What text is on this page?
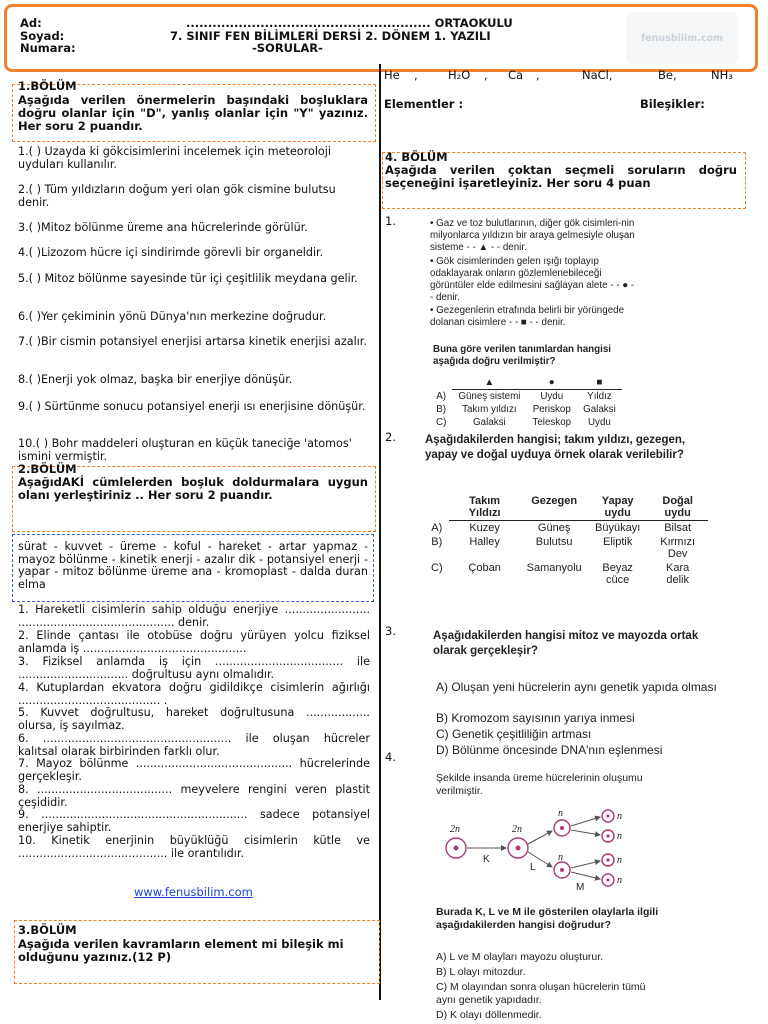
Ad:
Soyad:
Numara:
........................................................ ORTAOKULU
7. SINIF FEN BİLİMLERİ DERSİ 2. DÖNEM 1. YAZILI
-SORULAR-
fenusbilim.com
1.BÖLÜM
Aşağıda verilen önermelerin başındaki boşluklara doğru olanlar için "D", yanlış olanlar için "Y" yazınız. Her soru 2 puandır.
1.( ) Uzayda ki gökcisimlerini incelemek için meteoroloji uyduları kullanılır.
2.( ) Tüm yıldızların doğum yeri olan gök cismine bulutsu denir.
3.( )Mitoz bölünme üreme ana hücrelerinde görülür.
4.( )Lizozom hücre içi sindirimde görevli bir organeldir.
5.( ) Mitoz bölünme sayesinde tür içi çeşitlilik meydana gelir.
6.( )Yer çekiminin yönü Dünya'nın merkezine doğrudur.
7.( )Bir cismin potansiyel enerjisi artarsa kinetik enerjisi azalır.
8.( )Enerji yok olmaz, başka bir enerjiye dönüşür.
9.( ) Sürtünme sonucu potansiyel enerji ısı enerjisine dönüşür.
10.( ) Bohr maddeleri oluşturan en küçük taneciğe 'atomos' ismini vermiştir.
2.BÖLÜM
AşağıdAKİ cümlelerden boşluk doldurmalara uygun olanı yerleştiriniz .. Her soru 2 puandır.
sürat - kuvvet - üreme - koful - hareket - artar yapmaz - mayoz bölünme - kinetik enerji - azalır dik - potansiyel enerji - yapar - mitoz bölünme üreme ana - kromoplast - dalda duran elma
1. Hareketli cisimlerin sahip olduğu enerjiye ........................ ............................................ denir.
2. Elinde çantası ile otobüse doğru yürüyen yolcu fiziksel anlamda iş ..............................................
3. Fiziksel anlamda iş için .................................... ile ............................... doğrultusu aynı olmalıdır.
4. Kutuplardan ekvatora doğru gidildikçe cisimlerin ağırlığı ........................................ .
5. Kuvvet doğrultusu, hareket doğrultusuna .................. olursa, iş sayılmaz.
6. ..................................................... ile oluşan hücreler kalıtsal olarak birbirinden farklı olur.
7. Mayoz bölünme ............................................ hücrelerinde gerçekleşir.
8. ...................................... meyvelere rengini veren plastit çeşididir.
9. .......................................................... sadece potansiyel enerjiye sahiptir.
10. Kinetik enerjinin büyüklüğü cisimlerin kütle ve .......................................... ile orantılıdır.
www.fenusbilim.com
3.BÖLÜM
Aşağıda verilen kavramların element mi bileşik mi olduğunu yazınız.(12 P)
He ,	H₂O , Ca ,	NaCl,	Be,	NH₃
Elementler :	Bileşikler:
4. BÖLÜM
Aşağıda verilen çoktan seçmeli soruların doğru seçeneğini işaretleyiniz. Her soru 4 puan
1.	• Gaz ve toz bulutlarının, diğer gök cisimleri-nin milyonlarca yıldızın bir araya gelmesiyle oluşan sisteme - - ▲ - - denir.
• Gök cisimlerinden gelen ışığı toplayıp odaklayarak onların gözlemlenebileceği görüntüler elde edilmesini sağlayan alete - - ● - - denir.
• Gezegenlerin etrafında belirli bir yörüngede dolanan cisimlere - - ■ - - denir.
Buna göre verilen tanımlardan hangisi aşağıda doğru verilmiştir?
	▲	●	■
A)	Güneş sistemi	Uydu	Yıldız
B)	Takım yıldızı	Periskop	Galaksi
C)	Galaksi	Teleskop	Uydu
2.	Aşağıdakilerden hangisi; takım yıldızı, gezegen, yapay ve doğal uyduya örnek olarak verilebilir?
	Takım Yıldızı	Gezegen	Yapay uydu	Doğal uydu
A)	Kuzey	Güneş	Büyükayı	Bilsat
B)	Halley	Bulutsu	Eliptik	Kırmızı Dev
C)	Çoban	Samanyolu	Beyaz cüce	Kara delik
3.	Aşağıdakilerden hangisi mitoz ve mayozda ortak olarak gerçekleşir?
A) Oluşan yeni hücrelerin aynı genetik yapıda olması
B) Kromozom sayısının yarıya inmesi
C) Genetik çeşitliliğin artması
D) Bölünme öncesinde DNA'nın eşlenmesi
4.
Şekilde insanda üreme hücrelerinin oluşumu verilmiştir.
2n	2n
n
n
n
n
n
n
K
L
M
Burada K, L ve M ile gösterilen olaylarla ilgili aşağıdakilerden hangisi doğrudur?
A) L ve M olayları mayozu oluşturur.
B) L olayı mitozdur.
C) M olayından sonra oluşan hücrelerin tümü aynı genetik yapıdadır.
D) K olayı döllenmedir.
